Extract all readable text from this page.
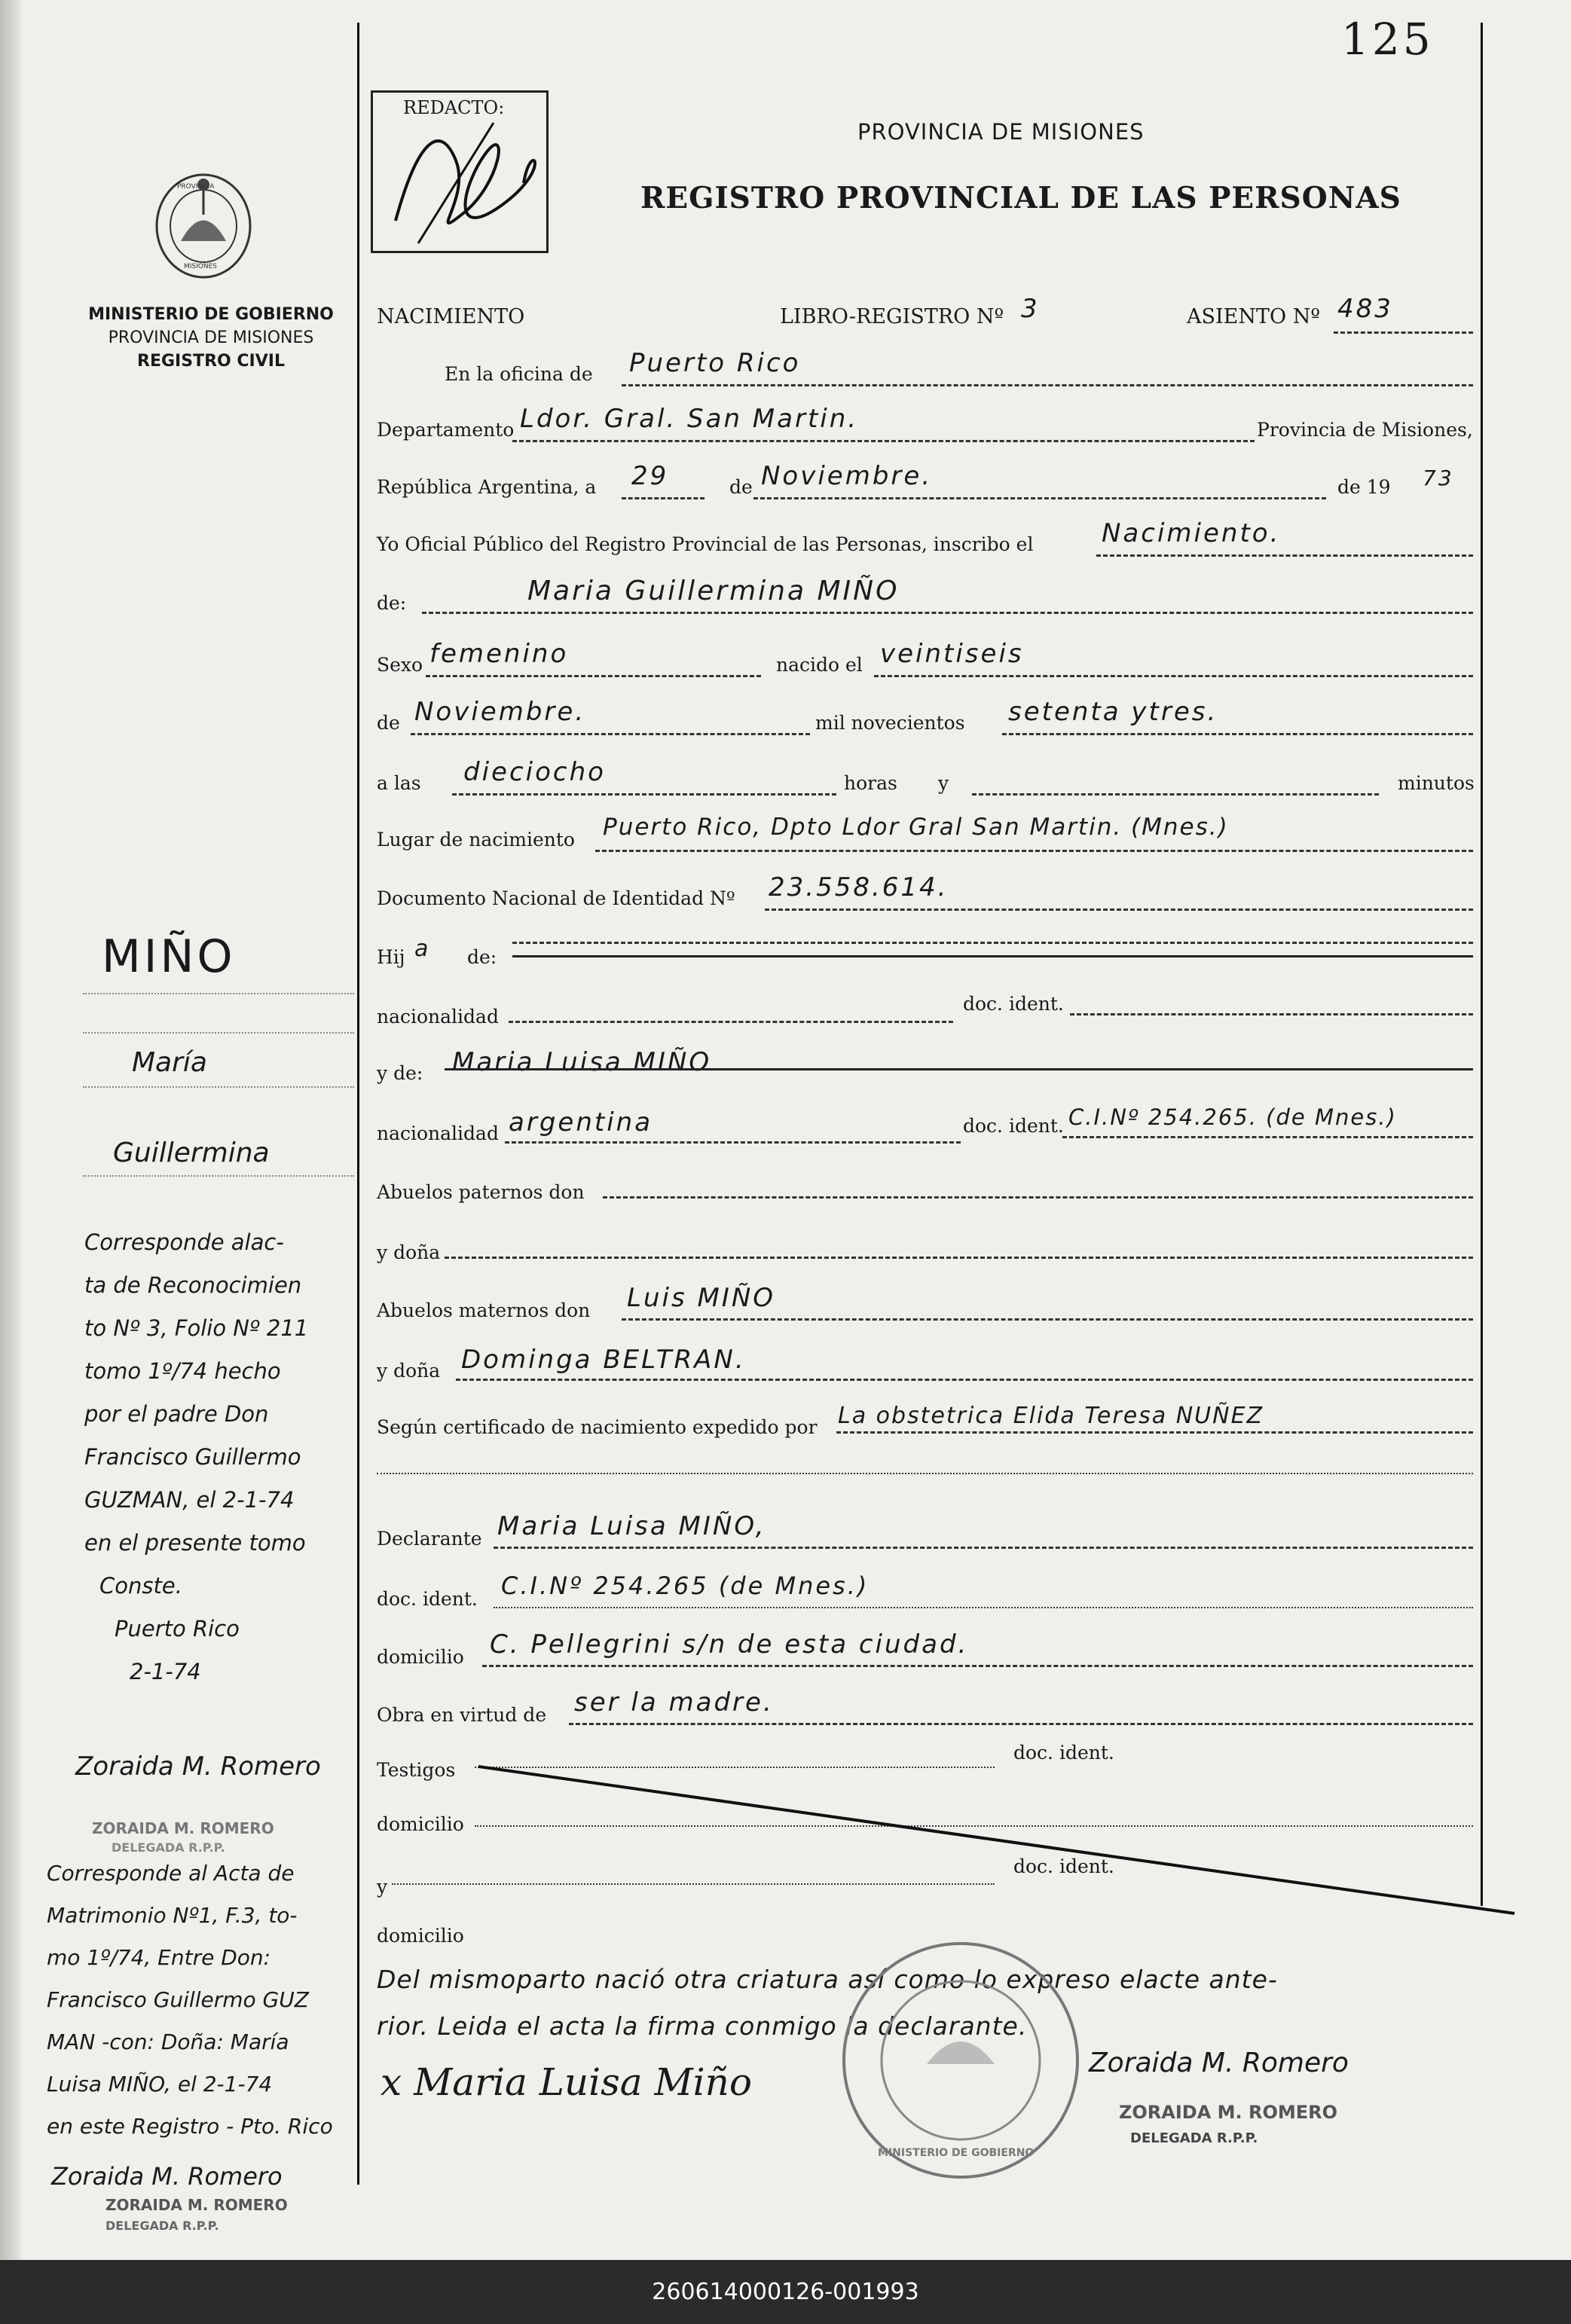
125
REDACTO:
PROVINCIA DE MISIONES
REGISTRO PROVINCIAL DE LAS PERSONAS
PROVINCIA
MISIONES
MINISTERIO DE GOBIERNO
PROVINCIA DE MISIONES
REGISTRO CIVIL
NACIMIENTO	LIBRO-REGISTRO Nº 3	ASIENTO Nº 483
En la oficina de Puerto Rico
Departamento Ldor. Gral. San Martin.	Provincia de Misiones,
República Argentina, a 29	de Noviembre.	de 19 73
Yo Oficial Público del Registro Provincial de las Personas, inscribo el	Nacimiento.
de:	Maria Guillermina MIÑO
Sexo femenino	nacido el veintiseis
de Noviembre.	mil novecientos setenta ytres.
a las dieciocho	horas y	minutos
Lugar de nacimiento Puerto Rico, Dpto Ldor Gral San Martin. (Mnes.)
Documento Nacional de Identidad Nº 23.558.614.
Hij a de:
nacionalidad
doc. ident.
y de: Maria Luisa MIÑO
nacionalidad argentina	doc. ident. C.I.Nº 254.265. (de Mnes.)
Abuelos paternos don
y doña
Abuelos maternos don Luis MIÑO
y doña Dominga BELTRAN.
Según certificado de nacimiento expedido por La obstetrica Elida Teresa NUÑEZ
Declarante Maria Luisa MIÑO,
doc. ident. C.I.Nº 254.265 (de Mnes.)
domicilio C. Pellegrini s/n de esta ciudad.
Obra en virtud de ser la madre.
Testigos
doc. ident.
domicilio
doc. ident.
y
domicilio
Del mismoparto nació otra criatura así como lo expreso elacte ante-
rior. Leida el acta la firma conmigo la declarante.
MINISTERIO DE GOBIERNO
x Maria Luisa Miño	Zoraida M. Romero
ZORAIDA M. ROMERO
DELEGADA R.P.P.
MIÑO
María
Guillermina
Corresponde alac-
ta de Reconocimien
to Nº 3, Folio Nº 211
tomo 1º/74 hecho
por el padre Don
Francisco Guillermo
GUZMAN, el 2-1-74
en el presente tomo
Conste.
Puerto Rico
2-1-74
Zoraida M. Romero
ZORAIDA M. ROMERO
DELEGADA R.P.P.
Corresponde al Acta de
Matrimonio Nº1, F.3, to-
mo 1º/74, Entre Don:
Francisco Guillermo GUZ
MAN -con: Doña: María
Luisa MIÑO, el 2-1-74
en este Registro - Pto. Rico
Zoraida M. Romero
ZORAIDA M. ROMERO
DELEGADA R.P.P.
260614000126-001993
